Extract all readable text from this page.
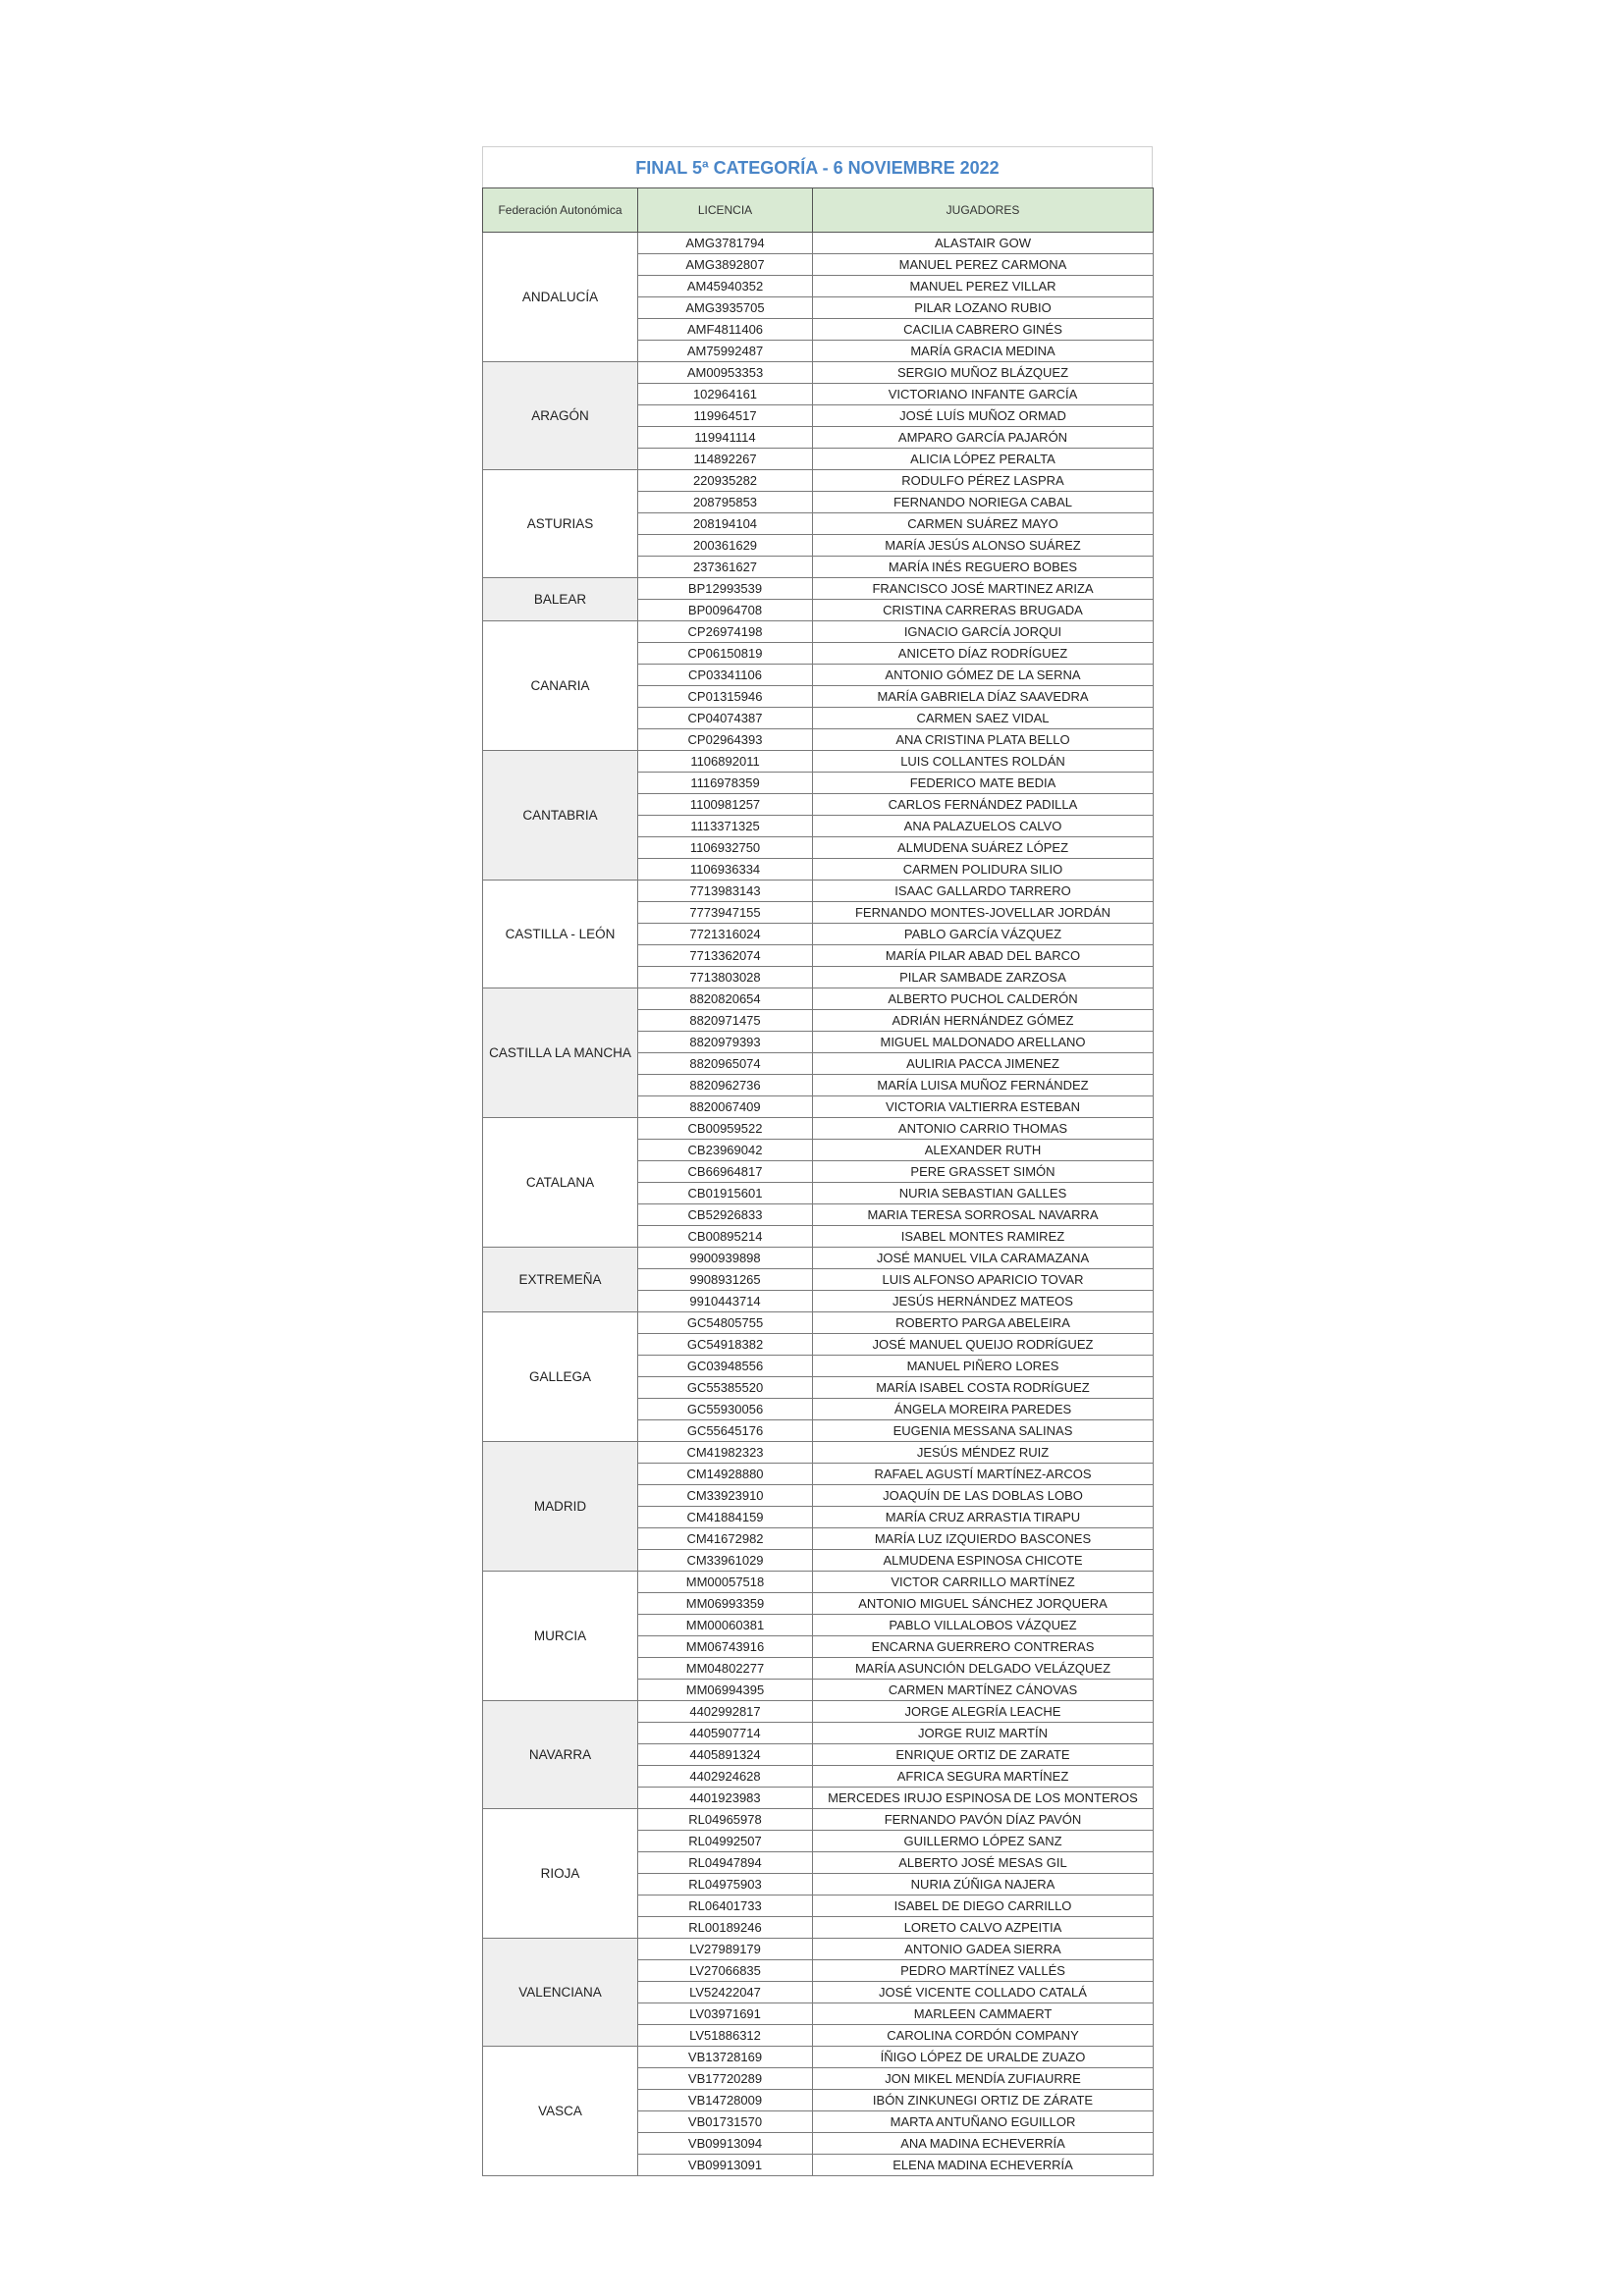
FINAL 5ª CATEGORÍA - 6 NOVIEMBRE 2022
Federación Autonómica	LICENCIA	JUGADORES
ANDALUCÍA	AMG3781794	ALASTAIR GOW
	AMG3892807	MANUEL PEREZ CARMONA
	AM45940352	MANUEL PEREZ VILLAR
	AMG3935705	PILAR LOZANO RUBIO
	AMF4811406	CACILIA CABRERO GINÉS
	AM75992487	MARÍA GRACIA MEDINA
ARAGÓN	AM00953353	SERGIO MUÑOZ BLÁZQUEZ
	102964161	VICTORIANO INFANTE GARCÍA
	119964517	JOSÉ LUÍS MUÑOZ ORMAD
	119941114	AMPARO GARCÍA PAJARÓN
	114892267	ALICIA LÓPEZ PERALTA
ASTURIAS	220935282	RODULFO PÉREZ LASPRA
	208795853	FERNANDO NORIEGA CABAL
	208194104	CARMEN SUÁREZ MAYO
	200361629	MARÍA JESÚS ALONSO SUÁREZ
	237361627	MARÍA INÉS REGUERO BOBES
BALEAR	BP12993539	FRANCISCO JOSÉ MARTINEZ ARIZA
	BP00964708	CRISTINA CARRERAS BRUGADA
CANARIA	CP26974198	IGNACIO GARCÍA JORQUI
	CP06150819	ANICETO DÍAZ RODRÍGUEZ
	CP03341106	ANTONIO GÓMEZ DE LA SERNA
	CP01315946	MARÍA GABRIELA DÍAZ SAAVEDRA
	CP04074387	CARMEN SAEZ VIDAL
	CP02964393	ANA CRISTINA PLATA BELLO
CANTABRIA	1106892011	LUIS COLLANTES ROLDÁN
	1116978359	FEDERICO MATE BEDIA
	1100981257	CARLOS FERNÁNDEZ PADILLA
	1113371325	ANA PALAZUELOS CALVO
	1106932750	ALMUDENA SUÁREZ LÓPEZ
	1106936334	CARMEN POLIDURA SILIO
CASTILLA - LEÓN	7713983143	ISAAC GALLARDO TARRERO
	7773947155	FERNANDO MONTES-JOVELLAR JORDÁN
	7721316024	PABLO GARCÍA VÁZQUEZ
	7713362074	MARÍA PILAR ABAD DEL BARCO
	7713803028	PILAR SAMBADE ZARZOSA
CASTILLA LA MANCHA	8820820654	ALBERTO PUCHOL CALDERÓN
	8820971475	ADRIÁN HERNÁNDEZ GÓMEZ
	8820979393	MIGUEL MALDONADO ARELLANO
	8820965074	AULIRIA PACCA JIMENEZ
	8820962736	MARÍA LUISA MUÑOZ FERNÁNDEZ
	8820067409	VICTORIA VALTIERRA ESTEBAN
CATALANA	CB00959522	ANTONIO CARRIO THOMAS
	CB23969042	ALEXANDER RUTH
	CB66964817	PERE GRASSET SIMÓN
	CB01915601	NURIA SEBASTIAN GALLES
	CB52926833	MARIA TERESA SORROSAL NAVARRA
	CB00895214	ISABEL MONTES RAMIREZ
EXTREMEÑA	9900939898	JOSÉ MANUEL VILA CARAMAZANA
	9908931265	LUIS ALFONSO APARICIO TOVAR
	9910443714	JESÚS HERNÁNDEZ MATEOS
GALLEGA	GC54805755	ROBERTO PARGA ABELEIRA
	GC54918382	JOSÉ MANUEL QUEIJO RODRÍGUEZ
	GC03948556	MANUEL PIÑERO LORES
	GC55385520	MARÍA ISABEL COSTA RODRÍGUEZ
	GC55930056	ÁNGELA MOREIRA PAREDES
	GC55645176	EUGENIA MESSANA SALINAS
MADRID	CM41982323	JESÚS MÉNDEZ RUIZ
	CM14928880	RAFAEL AGUSTÍ MARTÍNEZ-ARCOS
	CM33923910	JOAQUÍN DE LAS DOBLAS LOBO
	CM41884159	MARÍA CRUZ ARRASTIA TIRAPU
	CM41672982	MARÍA LUZ IZQUIERDO BASCONES
	CM33961029	ALMUDENA ESPINOSA CHICOTE
MURCIA	MM00057518	VICTOR CARRILLO MARTÍNEZ
	MM06993359	ANTONIO MIGUEL SÁNCHEZ JORQUERA
	MM00060381	PABLO VILLALOBOS VÁZQUEZ
	MM06743916	ENCARNA GUERRERO CONTRERAS
	MM04802277	MARÍA ASUNCIÓN DELGADO VELÁZQUEZ
	MM06994395	CARMEN MARTÍNEZ CÁNOVAS
NAVARRA	4402992817	JORGE ALEGRÍA LEACHE
	4405907714	JORGE RUIZ MARTÍN
	4405891324	ENRIQUE ORTIZ DE ZARATE
	4402924628	AFRICA SEGURA MARTÍNEZ
	4401923983	MERCEDES IRUJO ESPINOSA DE LOS MONTEROS
RIOJA	RL04965978	FERNANDO PAVÓN DÍAZ PAVÓN
	RL04992507	GUILLERMO LÓPEZ SANZ
	RL04947894	ALBERTO JOSÉ MESAS GIL
	RL04975903	NURIA ZÚÑIGA NAJERA
	RL06401733	ISABEL DE DIEGO CARRILLO
	RL00189246	LORETO CALVO AZPEITIA
VALENCIANA	LV27989179	ANTONIO GADEA SIERRA
	LV27066835	PEDRO MARTÍNEZ VALLÉS
	LV52422047	JOSÉ VICENTE COLLADO CATALÁ
	LV03971691	MARLEEN CAMMAERT
	LV51886312	CAROLINA CORDÓN COMPANY
VASCA	VB13728169	ÍÑIGO LÓPEZ DE URALDE ZUAZO
	VB17720289	JON MIKEL MENDÍA ZUFIAURRE
	VB14728009	IBÓN ZINKUNEGI ORTIZ DE ZÁRATE
	VB01731570	MARTA ANTUÑANO EGUILLOR
	VB09913094	ANA MADINA ECHEVERRÍA
	VB09913091	ELENA MADINA ECHEVERRÍA
